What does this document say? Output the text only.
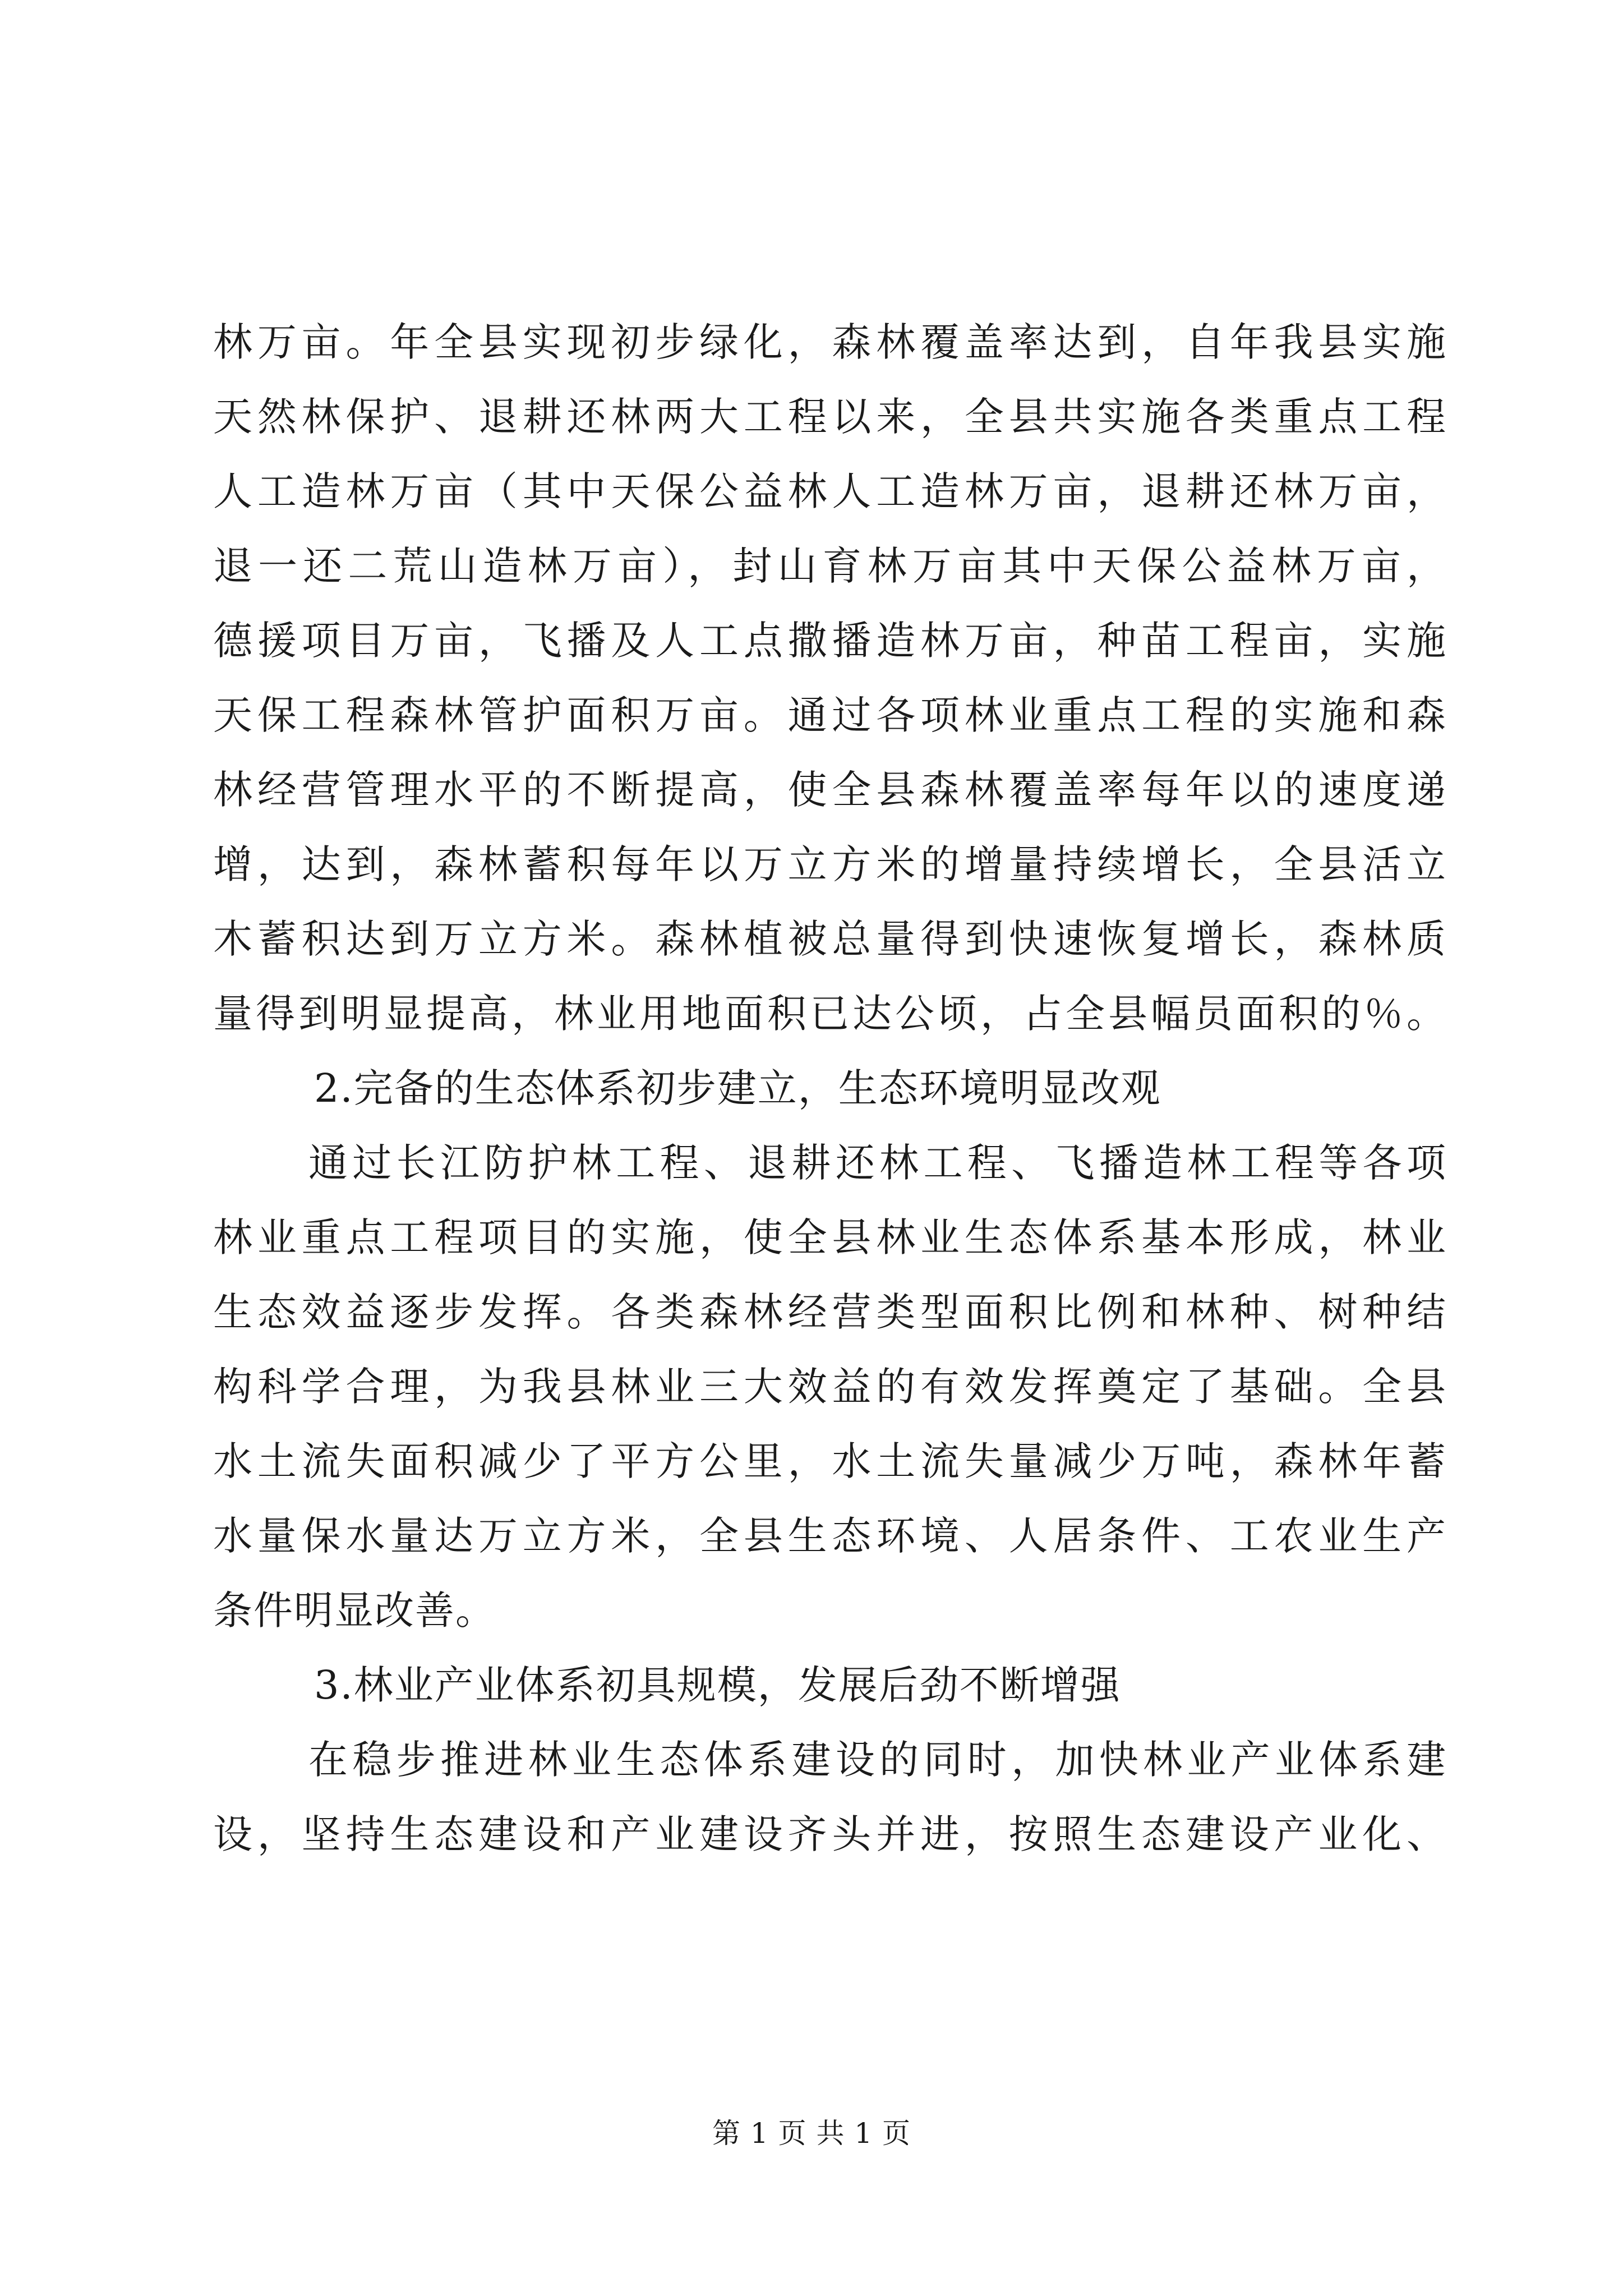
林万亩。年全县实现初步绿化，森林覆盖率达到，自年我县实施
天然林保护、退耕还林两大工程以来，全县共实施各类重点工程
人工造林万亩（其中天保公益林人工造林万亩，退耕还林万亩，
退一还二荒山造林万亩），封山育林万亩其中天保公益林万亩，
德援项目万亩，飞播及人工点撒播造林万亩，种苗工程亩，实施
天保工程森林管护面积万亩。通过各项林业重点工程的实施和森
林经营管理水平的不断提高，使全县森林覆盖率每年以的速度递
增，达到，森林蓄积每年以万立方米的增量持续增长，全县活立
木蓄积达到万立方米。森林植被总量得到快速恢复增长，森林质
量得到明显提高，林业用地面积已达公顷，占全县幅员面积的％。
2.完备的生态体系初步建立，生态环境明显改观
通过长江防护林工程、退耕还林工程、飞播造林工程等各项
林业重点工程项目的实施，使全县林业生态体系基本形成，林业
生态效益逐步发挥。各类森林经营类型面积比例和林种、树种结
构科学合理，为我县林业三大效益的有效发挥奠定了基础。全县
水土流失面积减少了平方公里，水土流失量减少万吨，森林年蓄
水量保水量达万立方米，全县生态环境、人居条件、工农业生产
条件明显改善。
3.林业产业体系初具规模，发展后劲不断增强
在稳步推进林业生态体系建设的同时，加快林业产业体系建
设，坚持生态建设和产业建设齐头并进，按照生态建设产业化、
第 1 页 共 1 页
